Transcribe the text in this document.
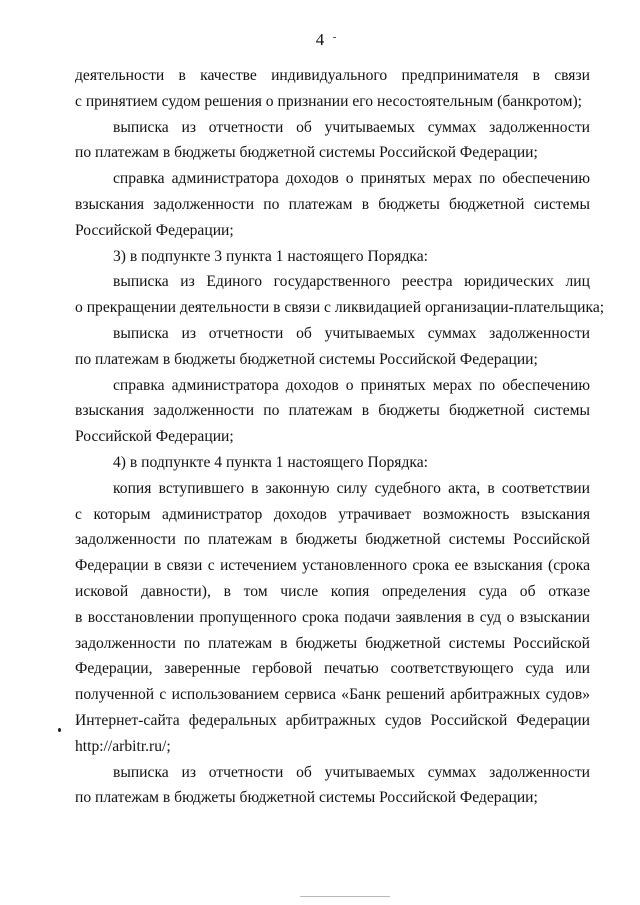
4
деятельности в качестве индивидуального предпринимателя в связи
с принятием судом решения о признании его несостоятельным (банкротом);
выписка из отчетности об учитываемых суммах задолженности
по платежам в бюджеты бюджетной системы Российской Федерации;
справка администратора доходов о принятых мерах по обеспечению
взыскания задолженности по платежам в бюджеты бюджетной системы
Российской Федерации;
3) в подпункте 3 пункта 1 настоящего Порядка:
выписка из Единого государственного реестра юридических лиц
о прекращении деятельности в связи с ликвидацией организации-плательщика;
выписка из отчетности об учитываемых суммах задолженности
по платежам в бюджеты бюджетной системы Российской Федерации;
справка администратора доходов о принятых мерах по обеспечению
взыскания задолженности по платежам в бюджеты бюджетной системы
Российской Федерации;
4) в подпункте 4 пункта 1 настоящего Порядка:
копия вступившего в законную силу судебного акта, в соответствии
с которым администратор доходов утрачивает возможность взыскания
задолженности по платежам в бюджеты бюджетной системы Российской
Федерации в связи с истечением установленного срока ее взыскания (срока
исковой давности), в том числе копия определения суда об отказе
в восстановлении пропущенного срока подачи заявления в суд о взыскании
задолженности по платежам в бюджеты бюджетной системы Российской
Федерации, заверенные гербовой печатью соответствующего суда или
полученной с использованием сервиса «Банк решений арбитражных судов»
Интернет-сайта федеральных арбитражных судов Российской Федерации
http://arbitr.ru/;
выписка из отчетности об учитываемых суммах задолженности
по платежам в бюджеты бюджетной системы Российской Федерации;
